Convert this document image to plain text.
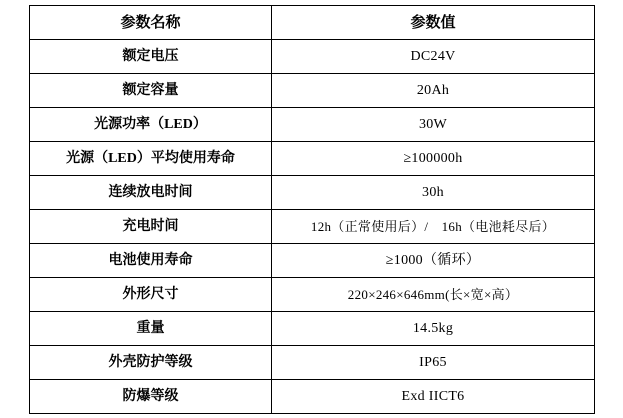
参数名称	参数值
额定电压	DC24V
额定容量	20Ah
光源功率（LED）	30W
光源（LED）平均使用寿命	≥100000h
连续放电时间	30h
充电时间	12h（正常使用后）/　16h（电池耗尽后）
电池使用寿命	≥1000（循环）
外形尺寸	220×246×646mm(长×宽×高）
重量	14.5kg
外壳防护等级	IP65
防爆等级	Exd IICT6
